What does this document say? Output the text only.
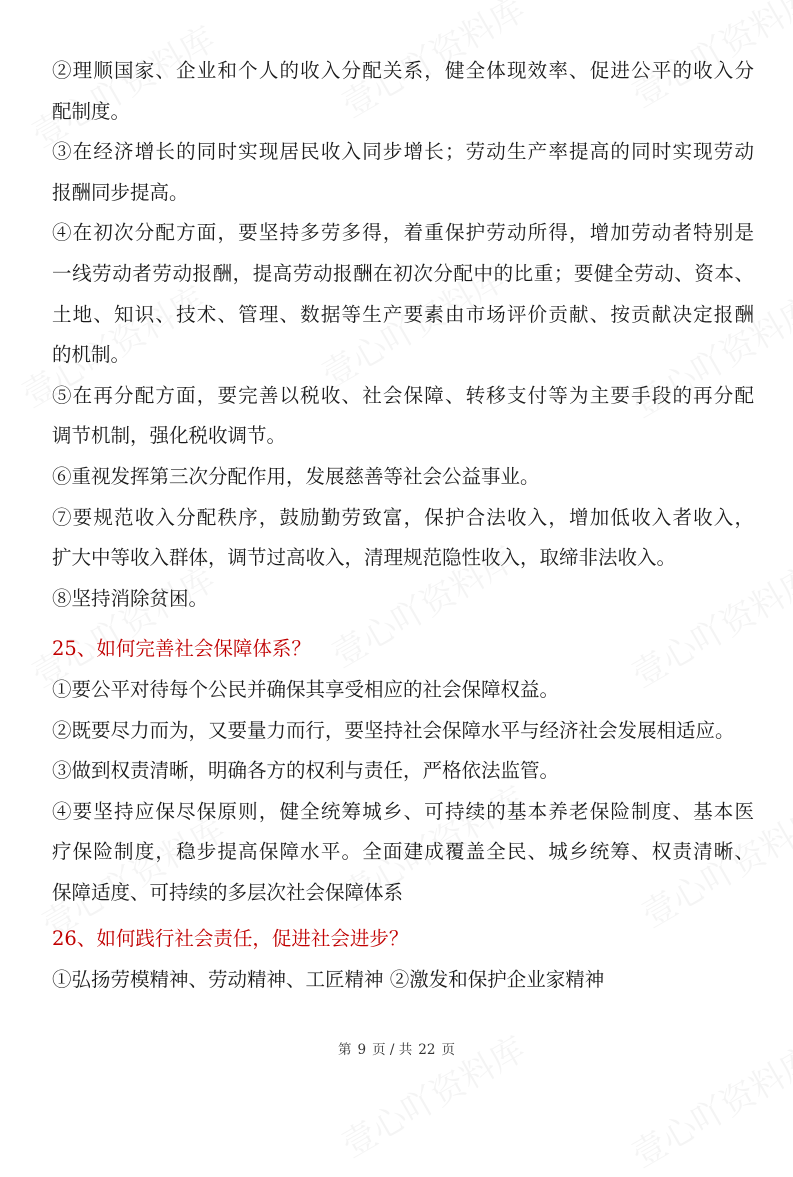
②理顺国家、企业和个人的收入分配关系，健全体现效率、促进公平的收入分
配制度。
③在经济增长的同时实现居民收入同步增长；劳动生产率提高的同时实现劳动
报酬同步提高。
④在初次分配方面，要坚持多劳多得，着重保护劳动所得，增加劳动者特别是
一线劳动者劳动报酬，提高劳动报酬在初次分配中的比重；要健全劳动、资本、
土地、知识、技术、管理、数据等生产要素由市场评价贡献、按贡献决定报酬
的机制。
⑤在再分配方面，要完善以税收、社会保障、转移支付等为主要手段的再分配
调节机制，强化税收调节。
⑥重视发挥第三次分配作用，发展慈善等社会公益事业。
⑦要规范收入分配秩序，鼓励勤劳致富，保护合法收入，增加低收入者收入，
扩大中等收入群体，调节过高收入，清理规范隐性收入，取缔非法收入。
⑧坚持消除贫困。
25、如何完善社会保障体系？
①要公平对待每个公民并确保其享受相应的社会保障权益。
②既要尽力而为，又要量力而行，要坚持社会保障水平与经济社会发展相适应。
③做到权责清晰，明确各方的权利与责任，严格依法监管。
④要坚持应保尽保原则，健全统筹城乡、可持续的基本养老保险制度、基本医
疗保险制度，稳步提高保障水平。全面建成覆盖全民、城乡统筹、权责清晰、
保障适度、可持续的多层次社会保障体系
26、如何践行社会责任，促进社会进步？
①弘扬劳模精神、劳动精神、工匠精神 ②激发和保护企业家精神
第 9 页 / 共 22 页
